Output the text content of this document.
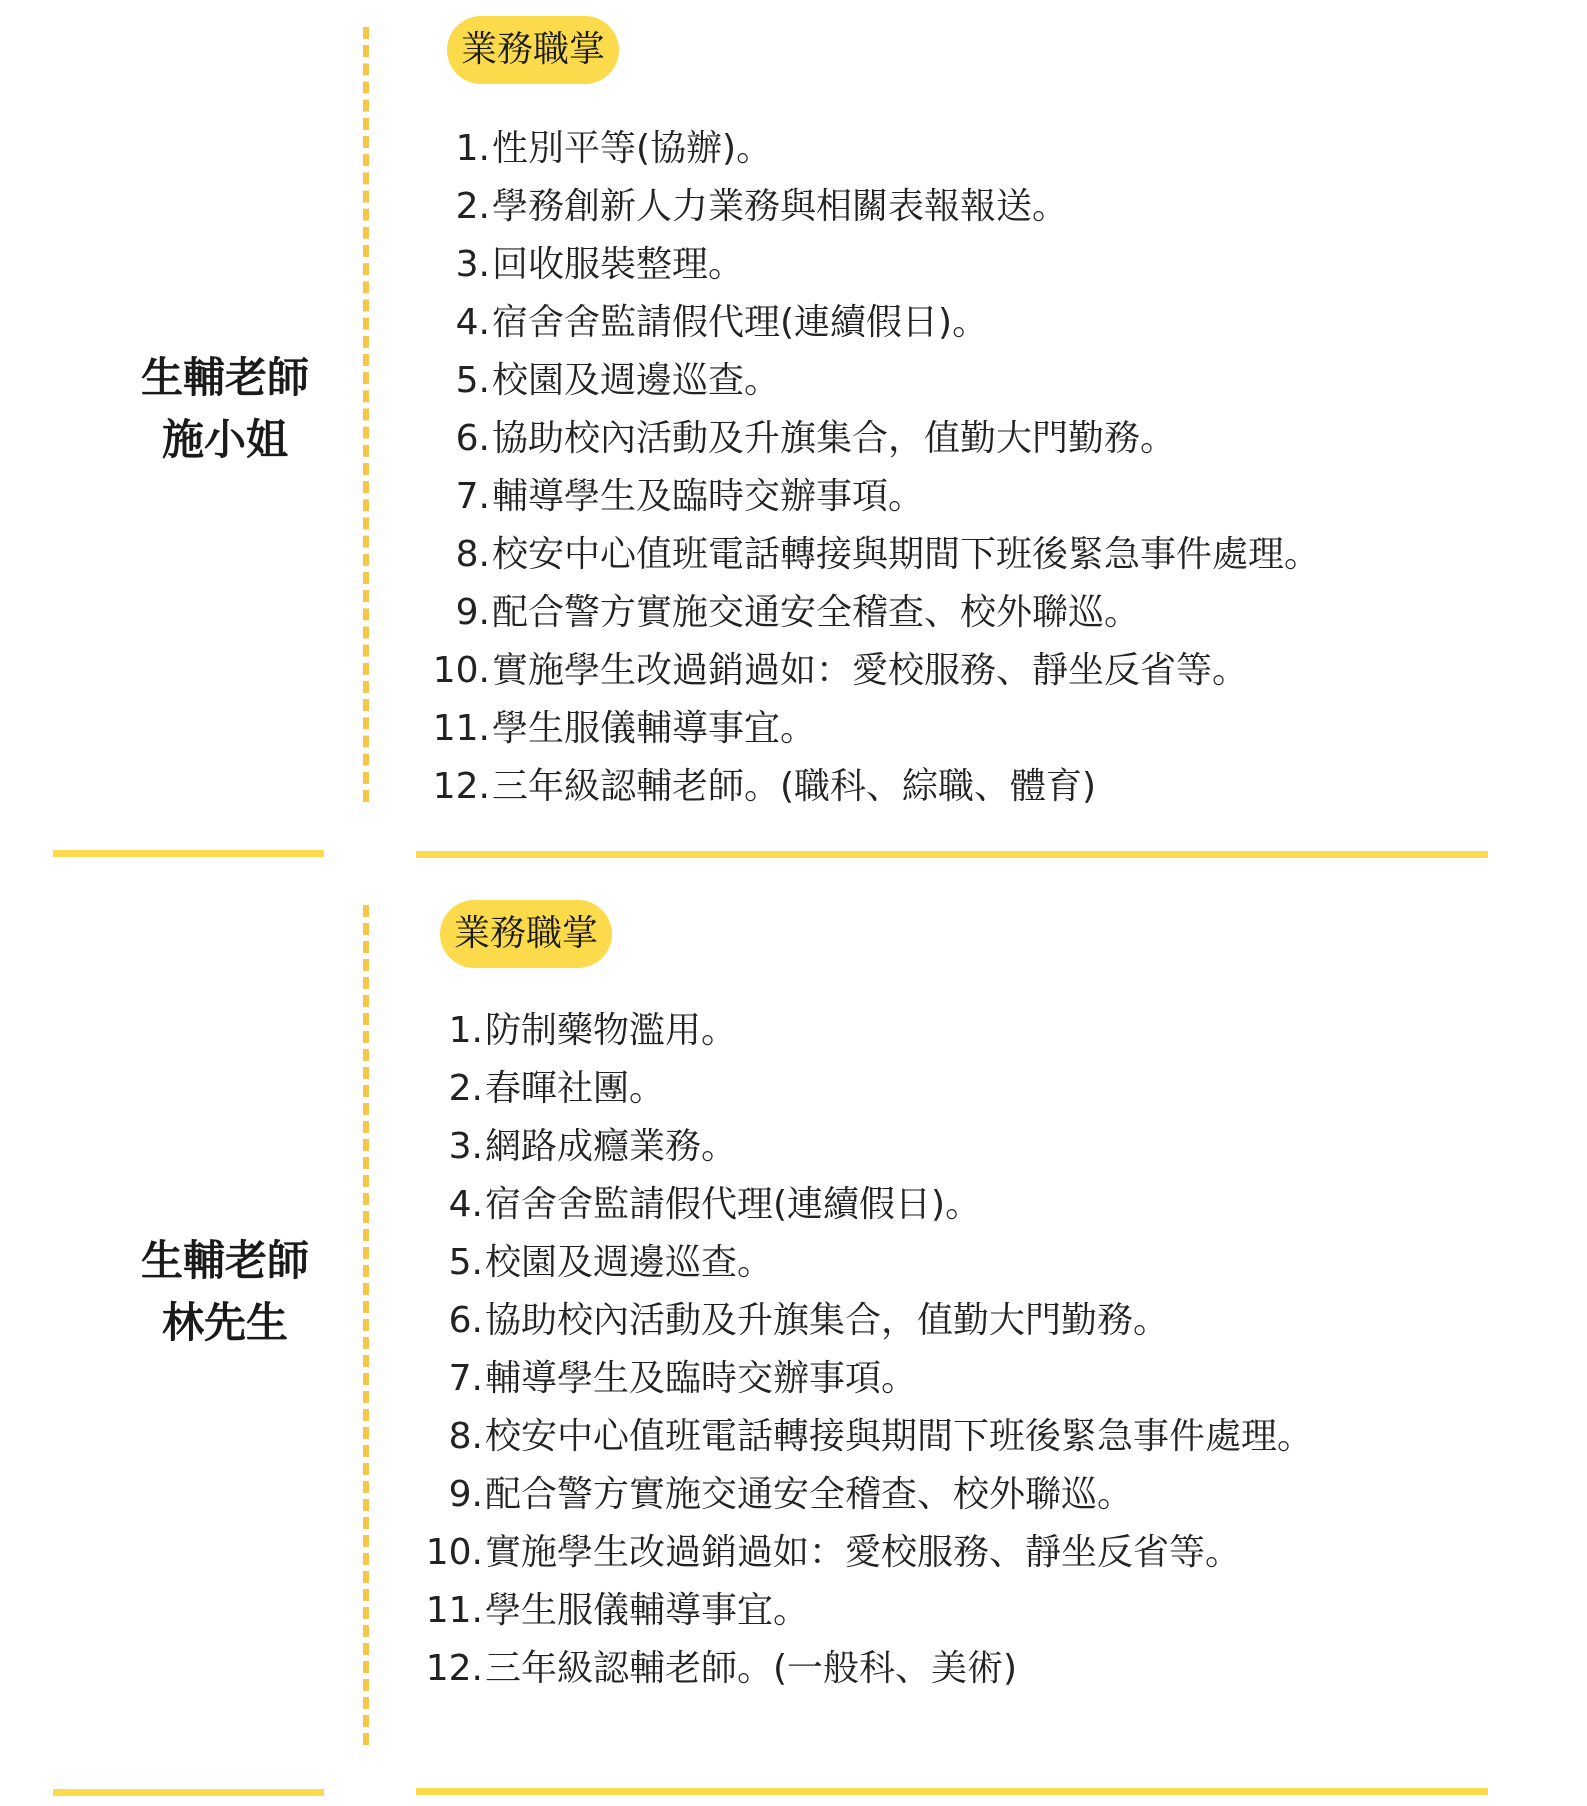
生輔老師
施小姐
業務職掌
1. 性別平等(協辦)。
2. 學務創新人力業務與相關表報報送。
3. 回收服裝整理。
4. 宿舍舍監請假代理(連續假日)。
5. 校園及週邊巡查。
6. 協助校內活動及升旗集合，值勤大門勤務。
7. 輔導學生及臨時交辦事項。
8. 校安中心值班電話轉接與期間下班後緊急事件處理。
9. 配合警方實施交通安全稽查、校外聯巡。
10. 實施學生改過銷過如：愛校服務、靜坐反省等。
11. 學生服儀輔導事宜。
12. 三年級認輔老師。(職科、綜職、體育)
生輔老師
林先生
業務職掌
1. 防制藥物濫用。
2. 春暉社團。
3. 網路成癮業務。
4. 宿舍舍監請假代理(連續假日)。
5. 校園及週邊巡查。
6. 協助校內活動及升旗集合，值勤大門勤務。
7. 輔導學生及臨時交辦事項。
8. 校安中心值班電話轉接與期間下班後緊急事件處理。
9. 配合警方實施交通安全稽查、校外聯巡。
10. 實施學生改過銷過如：愛校服務、靜坐反省等。
11. 學生服儀輔導事宜。
12. 三年級認輔老師。(一般科、美術)
